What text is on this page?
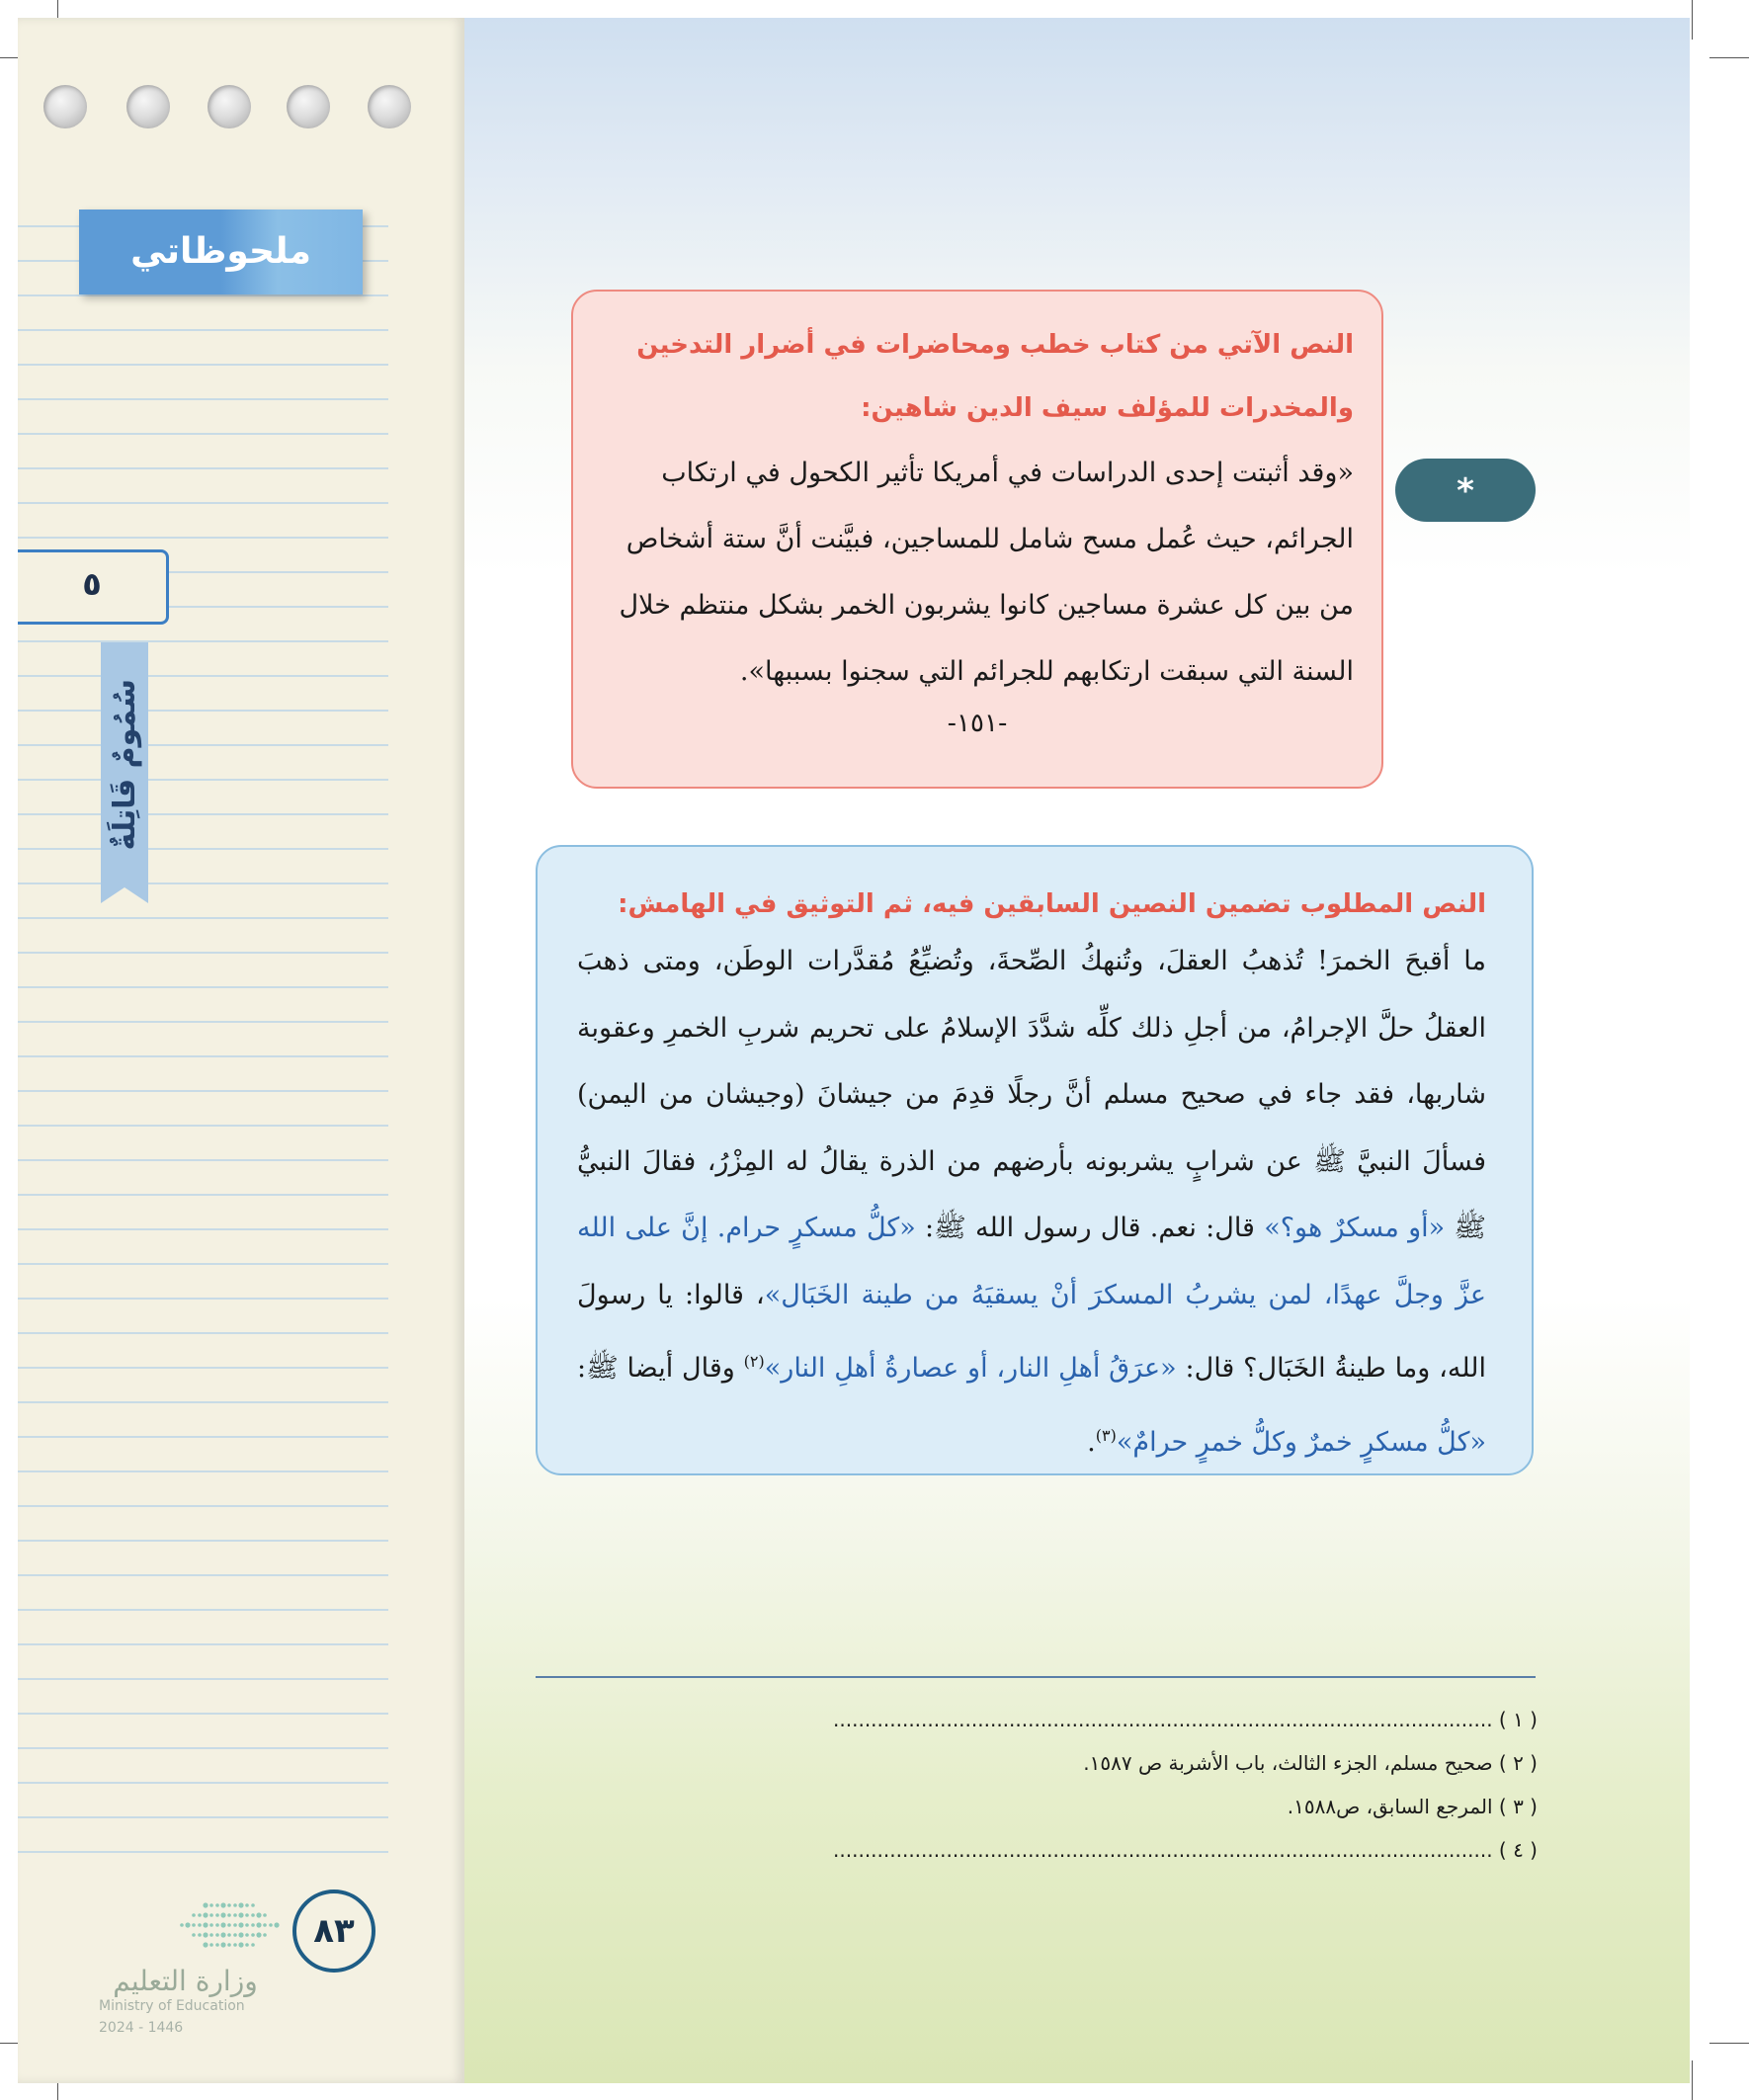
ملحوظاتي
٥
سُمُومٌ قَاتِلَةٌ
النص الآتي من كتاب خطب ومحاضرات في أضرار التدخين
والمخدرات للمؤلف سيف الدين شاهين:
«وقد أثبتت إحدى الدراسات في أمريكا تأثير الكحول في ارتكاب الجرائم، حيث عُمل مسح شامل للمساجين، فبيَّنت أنَّ ستة أشخاص من بين كل عشرة مساجين كانوا يشربون الخمر بشكل منتظم خلال السنة التي سبقت ارتكابهم للجرائم التي سجنوا بسببها».
-١٥١-
*
النص المطلوب تضمين النصين السابقين فيه، ثم التوثيق في الهامش:
ما أقبحَ الخمرَ! تُذهبُ العقلَ، وتُنهكُ الصِّحةَ، وتُضيِّعُ مُقدَّرات الوطَن، ومتى ذهبَ العقلُ حلَّ الإجرامُ، من أجلِ ذلك كلِّه شدَّدَ الإسلامُ على تحريم شربِ الخمرِ وعقوبة شاربها، فقد جاء في صحيح مسلم أنَّ رجلًا قدِمَ من جيشانَ (وجيشان من اليمن) فسألَ النبيَّ ﷺ عن شرابٍ يشربونه بأرضهم من الذرة يقالُ له المِزْرُ، فقالَ النبيُّ ﷺ «أو مسكرٌ هو؟» قال: نعم. قال رسول الله ﷺ: «كلُّ مسكرٍ حرام. إنَّ على الله عزَّ وجلَّ عهدًا، لمن يشربُ المسكرَ أنْ يسقيَهُ من طينة الخَبَال»، قالوا: يا رسولَ الله، وما طينةُ الخَبَال؟ قال: «عرَقُ أهلِ النار، أو عصارةُ أهلِ النار»$^{(٢)}$ وقال أيضا ﷺ: «كلُّ مسكرٍ خمرٌ وكلُّ خمرٍ حرامٌ»$^{(٣)}$.
( ١ ) .........................................................................................................
( ٢ ) صحيح مسلم، الجزء الثالث، باب الأشربة ص ١٥٨٧.
( ٣ ) المرجع السابق، ص١٥٨٨.
( ٤ ) .........................................................................................................
٨٣
وزارة التعليم
Ministry of Education
2024 - 1446
